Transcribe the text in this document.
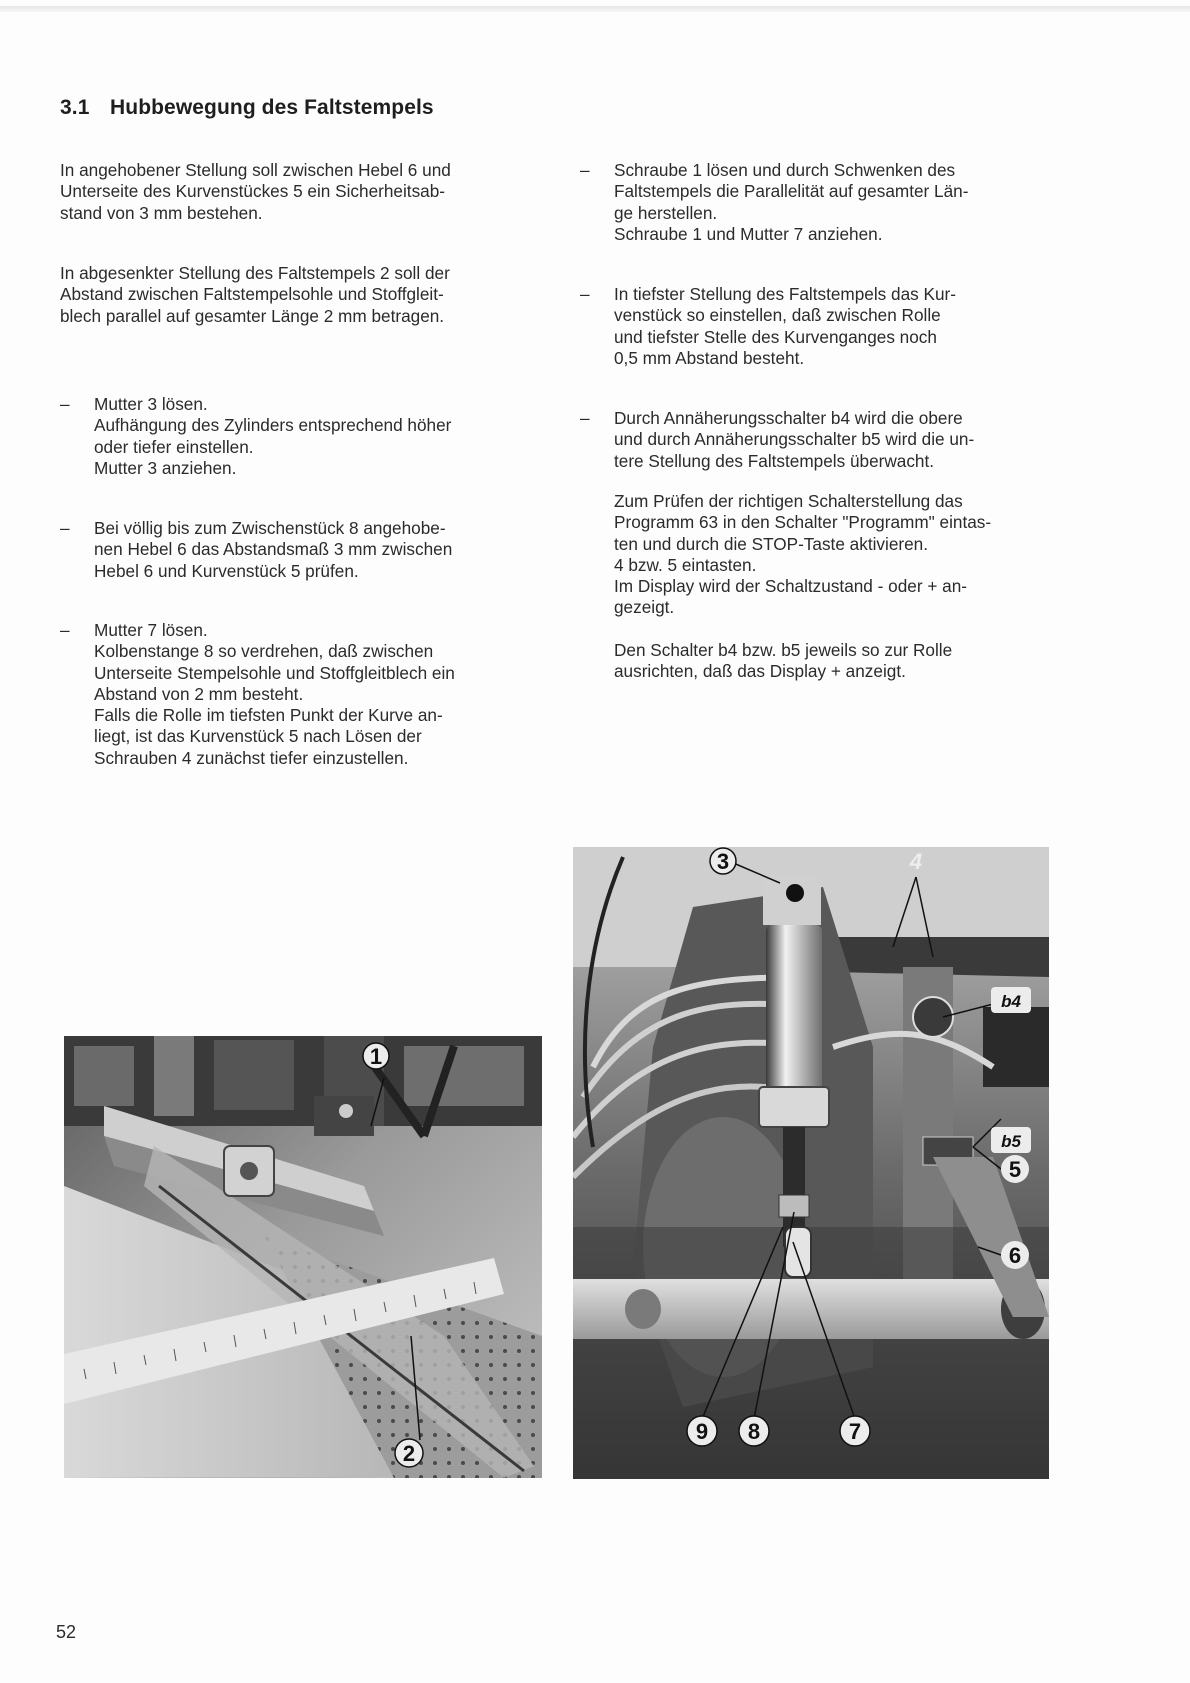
3.1 Hubbewegung des Faltstempels

In angehobener Stellung soll zwischen Hebel 6 und

Unterseite des Kurvenstückes 5 ein Sicherheitsab-

stand von 3 mm bestehen.

In abgesenkter Stellung des Faltstempels 2 soll der

Abstand zwischen Faltstempelsohle und Stoffgleit-

blech parallel auf gesamter Länge 2 mm betragen.

– Mutter 3 lösen.
Aufhängung des Zylinders entsprechend höher
oder tiefer einstellen.
Mutter 3 anziehen.
– Bei völlig bis zum Zwischenstück 8 angehobe-
nen Hebel 6 das Abstandsmaß 3 mm zwischen
Hebel 6 und Kurvenstück 5 prüfen.
– Mutter 7 lösen.
Kolbenstange 8 so verdrehen, daß zwischen
Unterseite Stempelsohle und Stoffgleitblech ein
Abstand von 2 mm besteht.
Falls die Rolle im tiefsten Punkt der Kurve an-
liegt, ist das Kurvenstück 5 nach Lösen der
Schrauben 4 zunächst tiefer einzustellen.
– Schraube 1 lösen und durch Schwenken des
Faltstempels die Parallelität auf gesamter Län-
ge herstellen.
Schraube 1 und Mutter 7 anziehen.
– In tiefster Stellung des Faltstempels das Kur-
venstück so einstellen, daß zwischen Rolle
und tiefster Stelle des Kurvenganges noch
0,5 mm Abstand besteht.
– Durch Annäherungsschalter b4 wird die obere
und durch Annäherungsschalter b5 wird die un-
tere Stellung des Faltstempels überwacht.

Zum Prüfen der richtigen Schalterstellung das

Programm 63 in den Schalter "Programm" eintas-

ten und durch die STOP-Taste aktivieren.

4 bzw. 5 eintasten.

Im Display wird der Schaltzustand - oder + an-

gezeigt.

Den Schalter b4 bzw. b5 jeweils so zur Rolle

ausrichten, daß das Display + anzeigt.

1
2
3	4
b4
b5
5
6
7
8
9
52
